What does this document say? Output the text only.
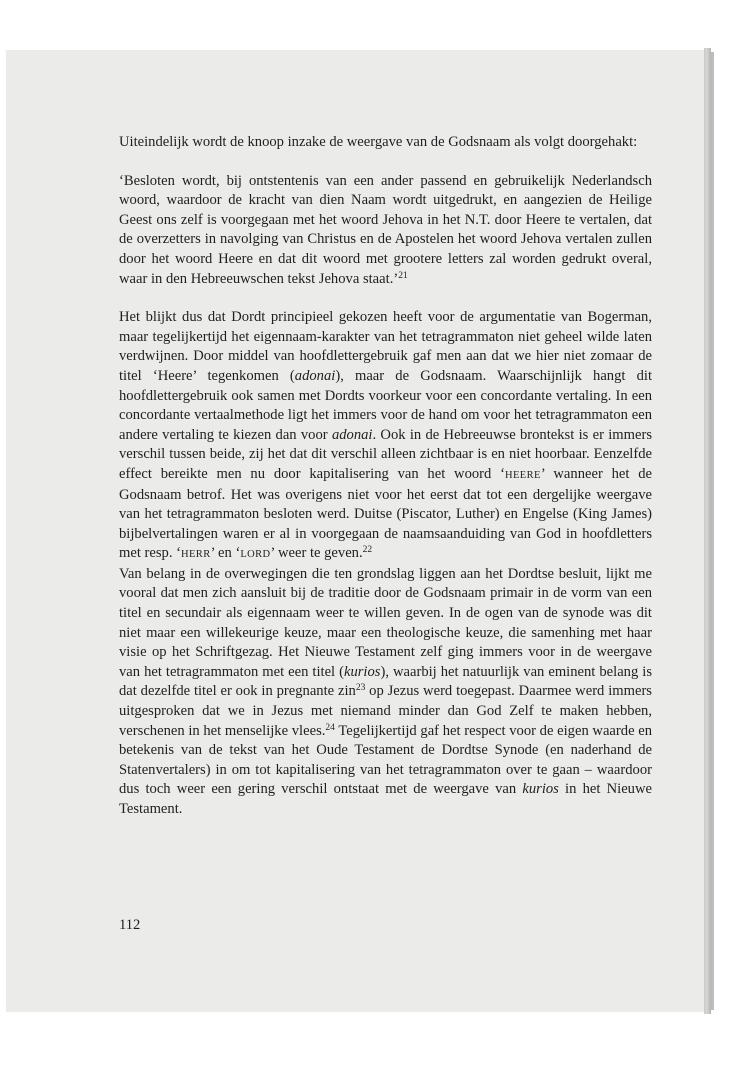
Uiteindelijk wordt de knoop inzake de weergave van de Godsnaam als volgt doorgehakt:

‘Besloten wordt, bij ontstentenis van een ander passend en gebruikelijk Nederlandsch woord, waardoor de kracht van dien Naam wordt uitgedrukt, en aangezien de Heilige Geest ons zelf is voorgegaan met het woord Jehova in het N.T. door Heere te vertalen, dat de overzetters in navolging van Christus en de Apostelen het woord Jehova vertalen zullen door het woord Heere en dat dit woord met grootere letters zal worden gedrukt overal, waar in den Hebreeuwschen tekst Jehova staat.’$^{21}$

Het blijkt dus dat Dordt principieel gekozen heeft voor de argumentatie van Bogerman, maar tegelijkertijd het eigennaam-karakter van het tetragrammaton niet geheel wilde laten verdwijnen. Door middel van hoofdlettergebruik gaf men aan dat we hier niet zomaar de titel ‘Heere’ tegenkomen (adonai), maar de Godsnaam. Waarschijnlijk hangt dit hoofdlettergebruik ook samen met Dordts voorkeur voor een concordante vertaling. In een concordante vertaalmethode ligt het immers voor de hand om voor het tetragrammaton een andere vertaling te kiezen dan voor adonai. Ook in de Hebreeuwse brontekst is er immers verschil tussen beide, zij het dat dit verschil alleen zichtbaar is en niet hoorbaar. Eenzelfde effect bereikte men nu door kapitalisering van het woord ‘HEERE’ wanneer het de Godsnaam betrof. Het was overigens niet voor het eerst dat tot een dergelijke weergave van het tetragrammaton besloten werd. Duitse (Piscator, Luther) en Engelse (King James) bijbelvertalingen waren er al in voorgegaan de naamsaanduiding van God in hoofdletters met resp. ‘HERR’ en ‘LORD’ weer te geven.$^{22}$

Van belang in de overwegingen die ten grondslag liggen aan het Dordtse besluit, lijkt me vooral dat men zich aansluit bij de traditie door de Godsnaam primair in de vorm van een titel en secundair als eigennaam weer te willen geven. In de ogen van de synode was dit niet maar een willekeurige keuze, maar een theologische keuze, die samenhing met haar visie op het Schriftgezag. Het Nieuwe Testament zelf ging immers voor in de weergave van het tetragrammaton met een titel (kurios), waarbij het natuurlijk van eminent belang is dat dezelfde titel er ook in pregnante zin$^{23}$ op Jezus werd toegepast. Daarmee werd immers uitgesproken dat we in Jezus met niemand minder dan God Zelf te maken hebben, verschenen in het menselijke vlees.$^{24}$ Tegelijkertijd gaf het respect voor de eigen waarde en betekenis van de tekst van het Oude Testament de Dordtse Synode (en naderhand de Statenvertalers) in om tot kapitalisering van het tetragrammaton over te gaan – waardoor dus toch weer een gering verschil ontstaat met de weergave van kurios in het Nieuwe Testament.

112
